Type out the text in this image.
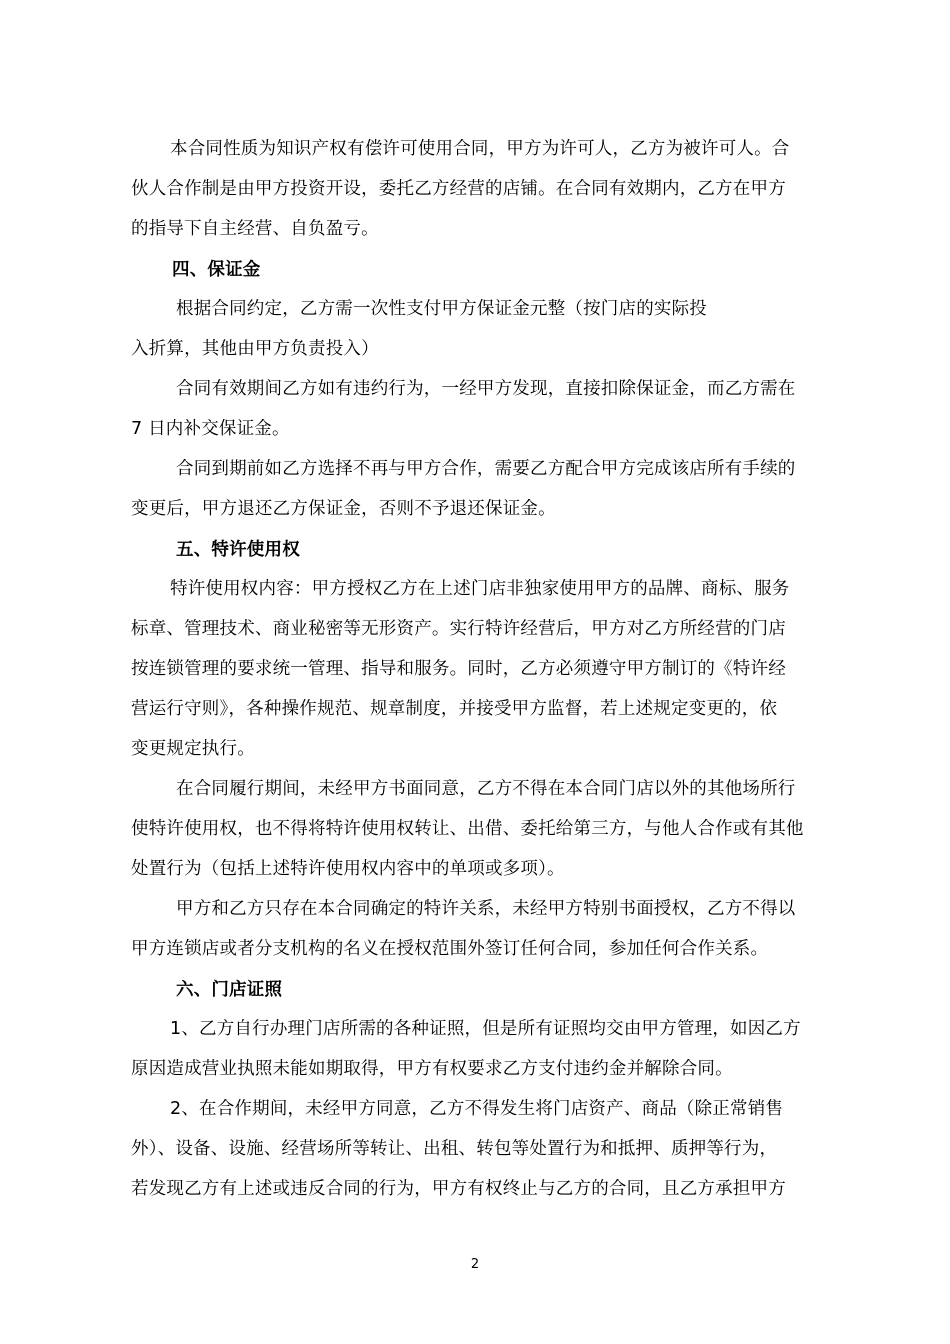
本合同性质为知识产权有偿许可使用合同，甲方为许可人，乙方为被许可人。合
伙人合作制是由甲方投资开设，委托乙方经营的店铺。在合同有效期内，乙方在甲方
的指导下自主经营、自负盈亏。
四、保证金
根据合同约定，乙方需一次性支付甲方保证金元整（按门店的实际投
入折算，其他由甲方负责投入）
合同有效期间乙方如有违约行为，一经甲方发现，直接扣除保证金，而乙方需在
7 日内补交保证金。
合同到期前如乙方选择不再与甲方合作，需要乙方配合甲方完成该店所有手续的
变更后，甲方退还乙方保证金，否则不予退还保证金。
五、特许使用权
特许使用权内容：甲方授权乙方在上述门店非独家使用甲方的品牌、商标、服务
标章、管理技术、商业秘密等无形资产。实行特许经营后，甲方对乙方所经营的门店
按连锁管理的要求统一管理、指导和服务。同时，乙方必须遵守甲方制订的《特许经
营运行守则》，各种操作规范、规章制度，并接受甲方监督，若上述规定变更的，依
变更规定执行。
在合同履行期间，未经甲方书面同意，乙方不得在本合同门店以外的其他场所行
使特许使用权，也不得将特许使用权转让、出借、委托给第三方，与他人合作或有其他
处置行为（包括上述特许使用权内容中的单项或多项）。
甲方和乙方只存在本合同确定的特许关系，未经甲方特别书面授权，乙方不得以
甲方连锁店或者分支机构的名义在授权范围外签订任何合同，参加任何合作关系。
六、门店证照
1、乙方自行办理门店所需的各种证照，但是所有证照均交由甲方管理，如因乙方
原因造成营业执照未能如期取得，甲方有权要求乙方支付违约金并解除合同。
2、在合作期间，未经甲方同意，乙方不得发生将门店资产、商品（除正常销售
外）、设备、设施、经营场所等转让、出租、转包等处置行为和抵押、质押等行为，
若发现乙方有上述或违反合同的行为，甲方有权终止与乙方的合同，且乙方承担甲方
2
